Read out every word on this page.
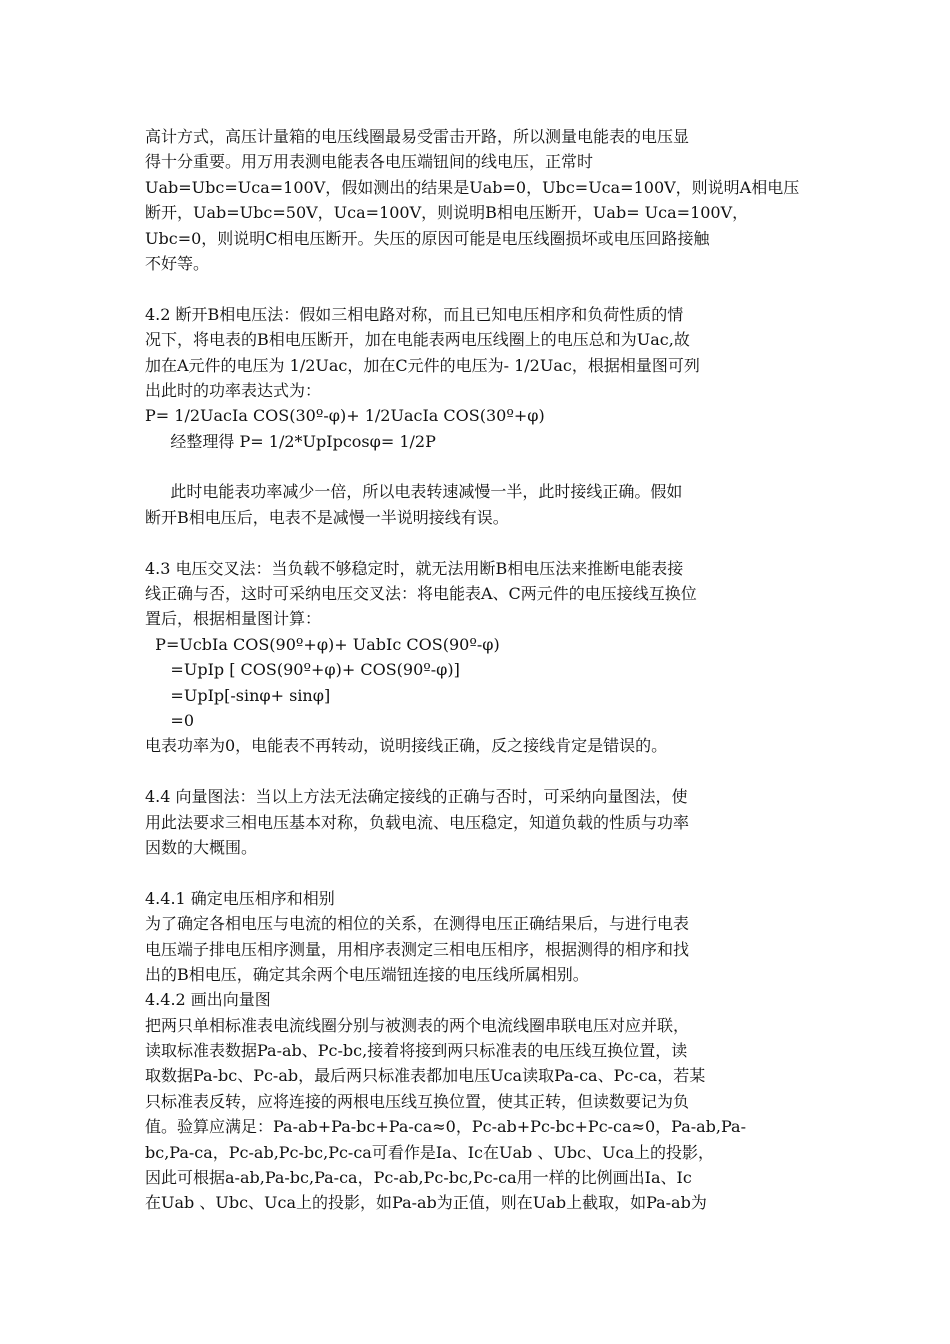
高计方式，高压计量箱的电压线圈最易受雷击开路，所以测量电能表的电压显
得十分重要。用万用表测电能表各电压端钮间的线电压，正常时
Uab=Ubc=Uca=100V，假如测出的结果是Uab=0，Ubc=Uca=100V，则说明A相电压
断开，Uab=Ubc=50V，Uca=100V，则说明B相电压断开，Uab= Uca=100V，
Ubc=0，则说明C相电压断开。失压的原因可能是电压线圈损坏或电压回路接触
不好等。
4.2 断开B相电压法：假如三相电路对称，而且已知电压相序和负荷性质的情
况下，将电表的B相电压断开，加在电能表两电压线圈上的电压总和为Uac,故
加在A元件的电压为 1/2Uac，加在C元件的电压为- 1/2Uac，根据相量图可列
出此时的功率表达式为：
P= 1/2UacIa COS(30º-φ)+ 1/2UacIa COS(30º+φ)
经整理得 P= 1/2*UpIpcosφ= 1/2P
此时电能表功率减少一倍，所以电表转速减慢一半，此时接线正确。假如
断开B相电压后，电表不是减慢一半说明接线有误。
4.3 电压交叉法：当负载不够稳定时，就无法用断B相电压法来推断电能表接
线正确与否，这时可采纳电压交叉法：将电能表A、C两元件的电压接线互换位
置后，根据相量图计算：
P=UcbIa COS(90º+φ)+ UabIc COS(90º-φ)
=UpIp [ COS(90º+φ)+ COS(90º-φ)]
=UpIp[-sinφ+ sinφ]
=0
电表功率为0，电能表不再转动，说明接线正确，反之接线肯定是错误的。
4.4 向量图法：当以上方法无法确定接线的正确与否时，可采纳向量图法，使
用此法要求三相电压基本对称，负载电流、电压稳定，知道负载的性质与功率
因数的大概围。
4.4.1 确定电压相序和相别
为了确定各相电压与电流的相位的关系，在测得电压正确结果后，与进行电表
电压端子排电压相序测量，用相序表测定三相电压相序，根据测得的相序和找
出的B相电压，确定其余两个电压端钮连接的电压线所属相别。
4.4.2 画出向量图
把两只单相标准表电流线圈分别与被测表的两个电流线圈串联电压对应并联，
读取标准表数据Pa-ab、Pc-bc,接着将接到两只标准表的电压线互换位置，读
取数据Pa-bc、Pc-ab，最后两只标准表都加电压Uca读取Pa-ca、Pc-ca，若某
只标准表反转，应将连接的两根电压线互换位置，使其正转，但读数要记为负
值。验算应满足：Pa-ab+Pa-bc+Pa-ca≈0，Pc-ab+Pc-bc+Pc-ca≈0，Pa-ab,Pa-
bc,Pa-ca，Pc-ab,Pc-bc,Pc-ca可看作是Ia、Ic在Uab 、Ubc、Uca上的投影，
因此可根据a-ab,Pa-bc,Pa-ca，Pc-ab,Pc-bc,Pc-ca用一样的比例画出Ia、Ic
在Uab 、Ubc、Uca上的投影，如Pa-ab为正值，则在Uab上截取，如Pa-ab为
